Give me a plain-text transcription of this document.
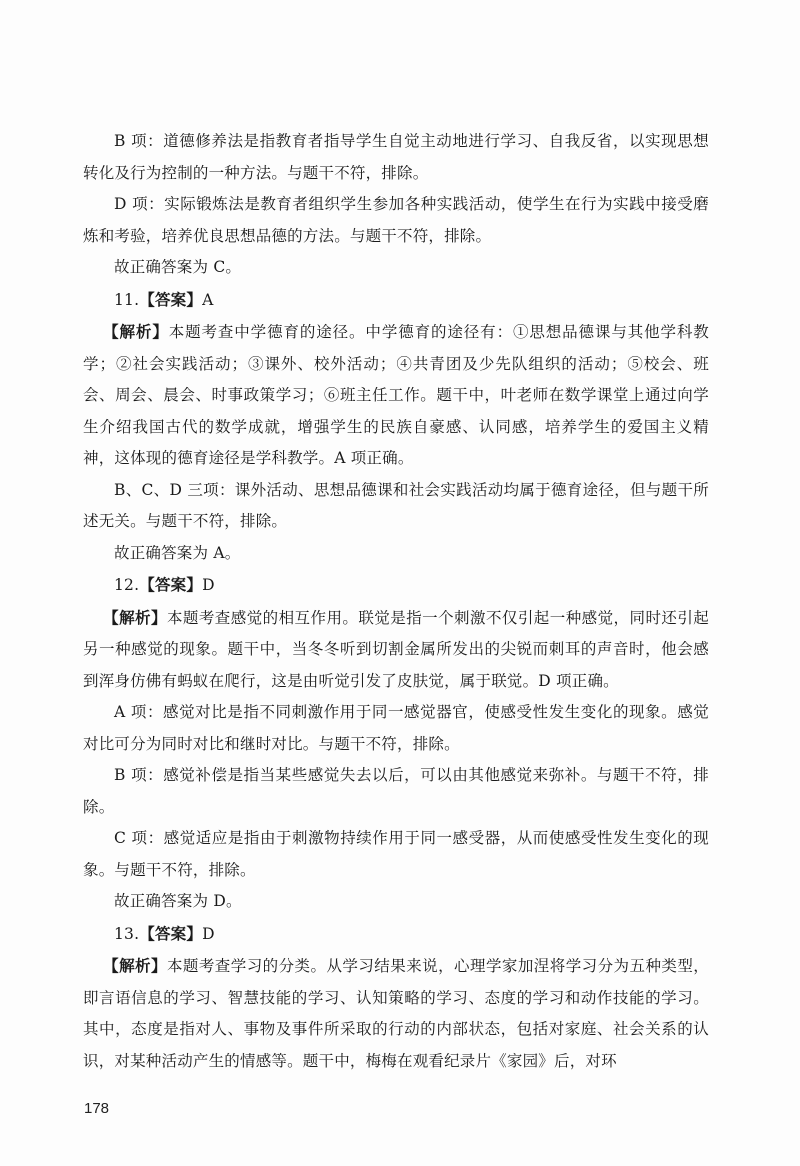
B 项：道德修养法是指教育者指导学生自觉主动地进行学习、自我反省，以实现思想转化及行为控制的一种方法。与题干不符，排除。

D 项：实际锻炼法是教育者组织学生参加各种实践活动，使学生在行为实践中接受磨炼和考验，培养优良思想品德的方法。与题干不符，排除。

故正确答案为 C。

11.【答案】A

【解析】本题考查中学德育的途径。中学德育的途径有：①思想品德课与其他学科教学；②社会实践活动；③课外、校外活动；④共青团及少先队组织的活动；⑤校会、班会、周会、晨会、时事政策学习；⑥班主任工作。题干中，叶老师在数学课堂上通过向学生介绍我国古代的数学成就，增强学生的民族自豪感、认同感，培养学生的爱国主义精神，这体现的德育途径是学科教学。A 项正确。

B、C、D 三项：课外活动、思想品德课和社会实践活动均属于德育途径，但与题干所述无关。与题干不符，排除。

故正确答案为 A。

12.【答案】D

【解析】本题考查感觉的相互作用。联觉是指一个刺激不仅引起一种感觉，同时还引起另一种感觉的现象。题干中，当冬冬听到切割金属所发出的尖锐而刺耳的声音时，他会感到浑身仿佛有蚂蚁在爬行，这是由听觉引发了皮肤觉，属于联觉。D 项正确。

A 项：感觉对比是指不同刺激作用于同一感觉器官，使感受性发生变化的现象。感觉对比可分为同时对比和继时对比。与题干不符，排除。

B 项：感觉补偿是指当某些感觉失去以后，可以由其他感觉来弥补。与题干不符，排除。

C 项：感觉适应是指由于刺激物持续作用于同一感受器，从而使感受性发生变化的现象。与题干不符，排除。

故正确答案为 D。

13.【答案】D

【解析】本题考查学习的分类。从学习结果来说，心理学家加涅将学习分为五种类型，即言语信息的学习、智慧技能的学习、认知策略的学习、态度的学习和动作技能的学习。其中，态度是指对人、事物及事件所采取的行动的内部状态，包括对家庭、社会关系的认识，对某种活动产生的情感等。题干中，梅梅在观看纪录片《家园》后，对环

178
